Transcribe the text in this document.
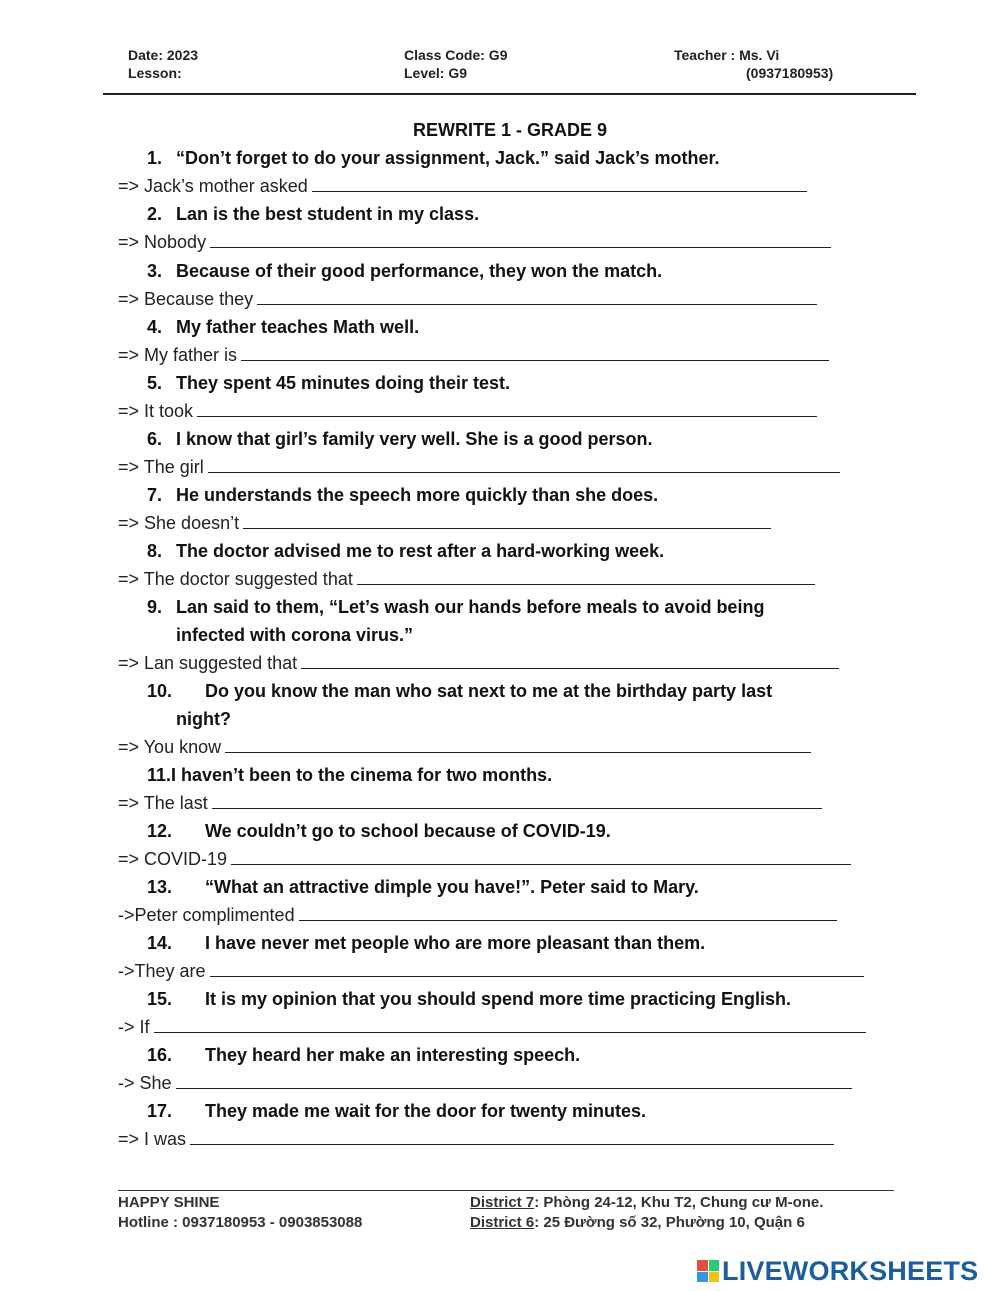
Date: 2023
Lesson:
Class Code: G9
Level: G9
Teacher : Ms. Vi
(0937180953)
REWRITE 1 - GRADE 9
1. “Don’t forget to do your assignment, Jack.” said Jack’s mother.
=> Jack’s mother asked
2. Lan is the best student in my class.
=> Nobody
3. Because of their good performance, they won the match.
=> Because they
4. My father teaches Math well.
=> My father is
5. They spent 45 minutes doing their test.
=> It took
6. I know that girl’s family very well. She is a good person.
=> The girl
7. He understands the speech more quickly than she does.
=> She doesn’t
8. The doctor advised me to rest after a hard-working week.
=> The doctor suggested that
9. Lan said to them, “Let’s wash our hands before meals to avoid being
infected with corona virus.”
=> Lan suggested that
10. Do you know the man who sat next to me at the birthday party last
night?
=> You know
11.I haven’t been to the cinema for two months.
=> The last
12. We couldn’t go to school because of COVID-19.
=> COVID-19
13. “What an attractive dimple you have!”. Peter said to Mary.
->Peter complimented
14. I have never met people who are more pleasant than them.
->They are
15. It is my opinion that you should spend more time practicing English.
-> If
16. They heard her make an interesting speech.
-> She
17. They made me wait for the door for twenty minutes.
=> I was
HAPPY SHINE
Hotline : 0937180953 - 0903853088
District 7: Phòng 24-12, Khu T2, Chung cư M-one.
District 6: 25 Đường số 32, Phường 10, Quận 6
LIVEWORKSHEETS
